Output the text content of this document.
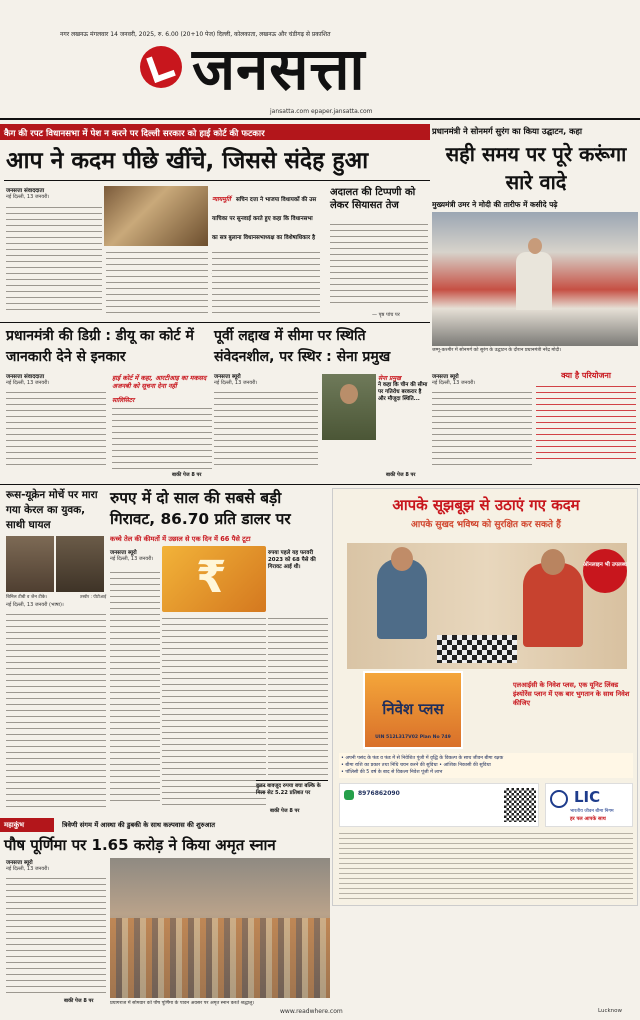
नगर लखनऊ मंगलवार 14 जनवरी, 2025, रु. 6.00 (20+10 पेज) दिल्ली, कोलकाता, लखनऊ और चंडीगढ़ से प्रकाशित
जनसत्ता
jansatta.com epaper.jansatta.com
कैग की रपट विधानसभा में पेश न करने पर दिल्ली सरकार को हाई कोर्ट की फटकार	प्रधानमंत्री ने सोनमर्ग सुरंग का किया उद्घाटन, कहा
आप ने कदम पीछे खींचे, जिससे संदेह हुआ
जनसत्ता संवाददाता
नई दिल्ली, 13 जनवरी।	न्यायमूर्ति सचिन दत्ता ने भाजपा विधायकों की उस याचिका पर सुनवाई करते हुए कहा कि विधानसभा का सत्र बुलाना विधानसभाध्यक्ष का विशेषाधिकार है
अदालत की टिप्पणी को लेकर सियासत तेज
— पृष्ठ पांच पर
सही समय पर पूरे करूंगा सारे वादे
मुख्यमंत्री उमर ने मोदी की तारीफ में कसीदे पढ़े
जम्मू-कश्मीर में सोनमर्ग को सुरंग के उद्घाटन के दौरान प्रधानमंत्री नरेंद्र मोदी।
प्रधानमंत्री की डिग्री : डीयू का कोर्ट में जानकारी देने से इनकार
जनसत्ता संवाददाता
नई दिल्ली, 13 जनवरी।
हाई कोर्ट में कहा, आरटीआइ का मकसद अजनबी को सूचना देना नहीं
सालिसिटर
बाकी पेज 8 पर
पूर्वी लद्दाख में सीमा पर स्थिति संवेदनशील, पर स्थिर : सेना प्रमुख
जनसत्ता ब्यूरो
नई दिल्ली, 13 जनवरी।
सेना प्रमुख
ने कहा कि चीन की सीमा पर गतिरोध बरकरार है और मौजूदा स्थिति...
बाकी पेज 8 पर
जनसत्ता ब्यूरो
नई दिल्ली, 13 जनवरी।
क्या है परियोजना
रूस-यूक्रेन मोर्चे पर मारा गया केरल का युवक, साथी घायल
बिनिल टीबी व जैन टीके।	तस्वीर : पीटीआई
नई दिल्ली, 13 जनवरी (भाषा)।
रुपए में दो साल की सबसे बड़ी गिरावट, 86.70 प्रति डालर पर
कच्चे तेल की कीमतों में उछाल से एक दिन में 66 पैसे टूटा
जनसत्ता ब्यूरो
नई दिल्ली, 13 जनवरी। ₹	रुपया पहले यह फरवरी 2023 को 68 पैसे की गिरावट आई थी।
बुलन बावजूद रुपया बचा बल्कि के मिला सेट 5.22 प्रतिशत पर
बाकी पेज 8 पर
आपके सूझबूझ से उठाएं गए कदम
आपके सुखद भविष्य को सुरक्षित कर सकते हैं
ऑनलाइन भी उपलब्ध
निवेश प्लस
UIN 512L317V02 Plan No 749
एलआईसी के निवेश प्लस, एक यूनिट लिंक्ड इंश्योरेंस प्लान में एक बार भुगतान के साथ निवेश कीजिए
• अपनी पसंद के फंड व फंड में से निवेशित पूंजी में वृद्धि के विकल्प के साथ जीवन बीमा रक्षक
• बीमा राशि का प्रकार तथा निधि चयन करने की सुविधा • आंशिक निकासी की सुविधा
• पॉलिसी की 5 वर्ष के बाद से विकल्प निवेश पूंजी में लाभ
8976862090	LIC
भारतीय जीवन बीमा निगम
हर पल आपके साथ
महाकुंभ	त्रिवेणी संगम में आस्था की डुबकी के साथ कल्पवास की शुरुआत
पौष पूर्णिमा पर 1.65 करोड़ ने किया अमृत स्नान
जनसत्ता ब्यूरो
नई दिल्ली, 13 जनवरी।
बाकी पेज 8 पर	प्रयागराज में सोमवार को पौष पूर्णिमा के पावन अवसर पर अमृत स्नान करते श्रद्धालु।
www.readwhere.com	Lucknow
